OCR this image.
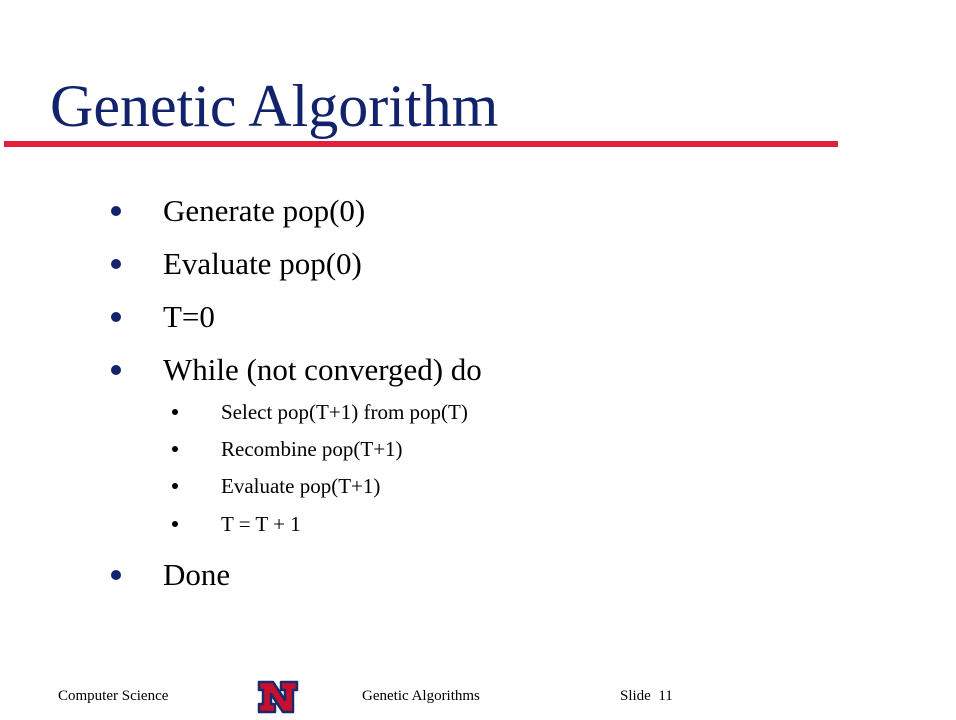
Genetic Algorithm
Generate pop(0)
Evaluate pop(0)
T=0
While (not converged) do
Select pop(T+1) from pop(T)
Recombine pop(T+1)
Evaluate pop(T+1)
T = T + 1
Done
Computer Science	Genetic Algorithms	Slide  11
